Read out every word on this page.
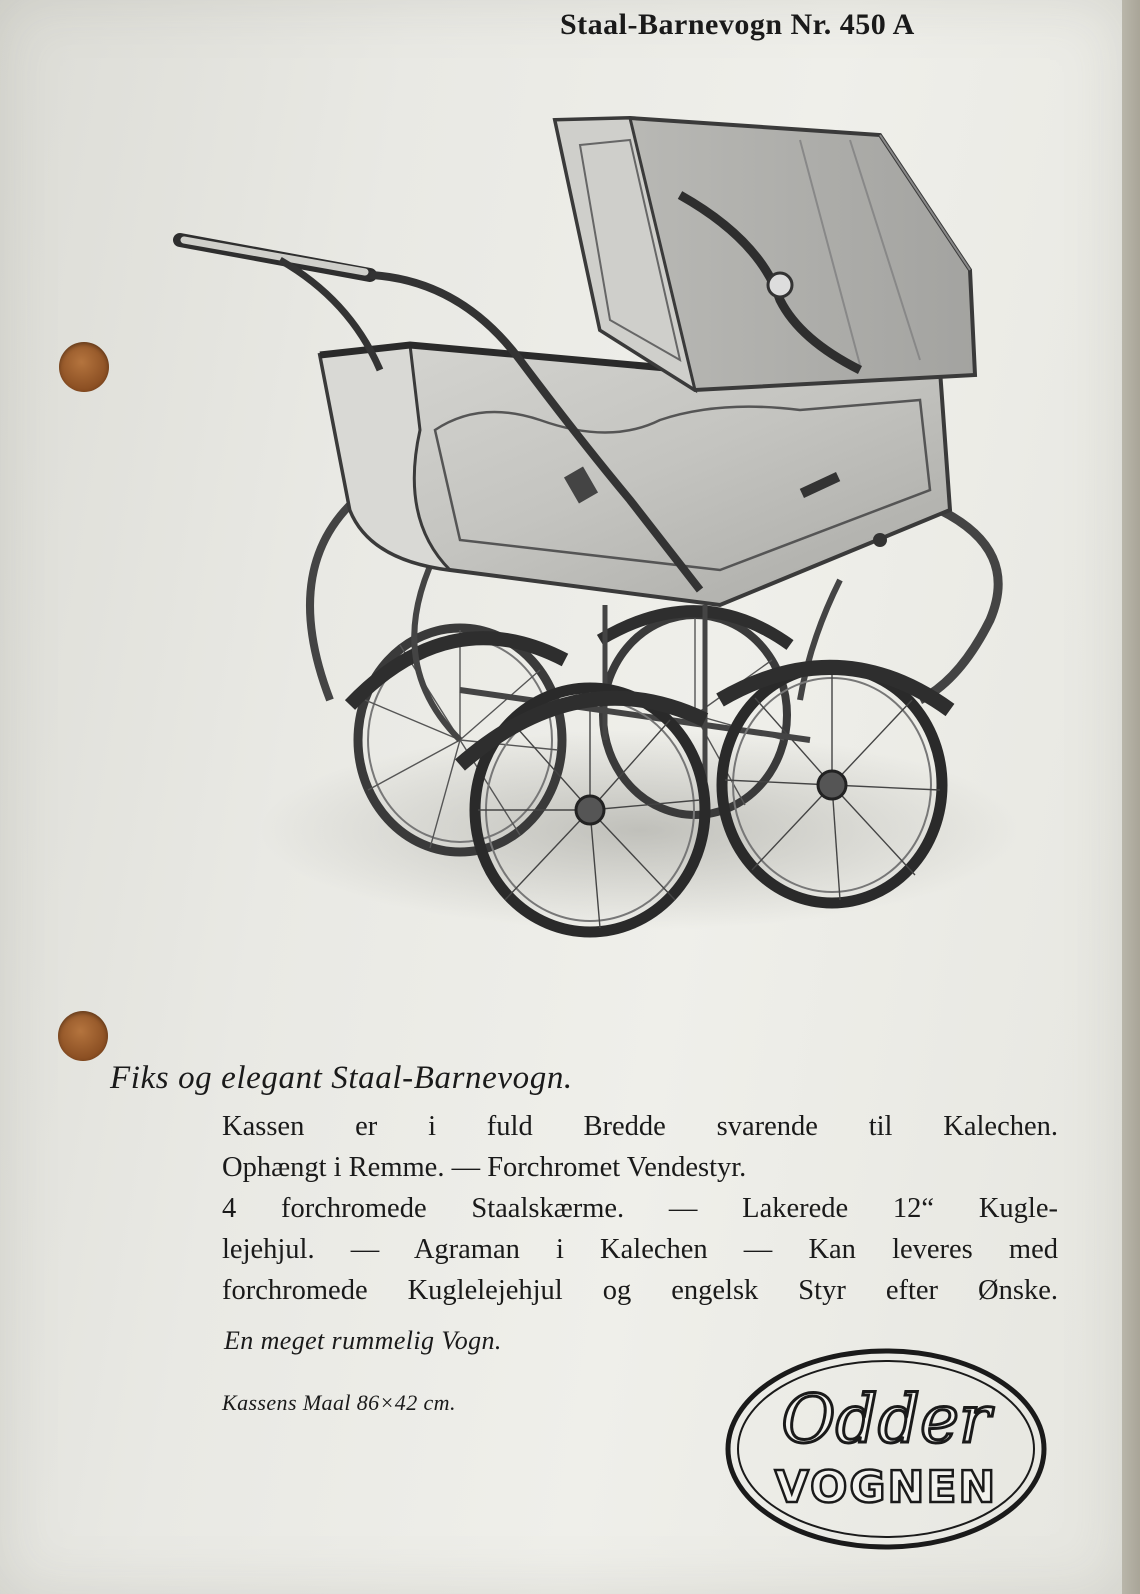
Staal-Barnevogn Nr. 450 A
Fiks og elegant Staal-Barnevogn.
Kassen er i fuld Bredde svarende til Kalechen.
Ophængt i Remme. — Forchromet Vendestyr.
4 forchromede Staalskærme. — Lakerede 12“ Kugle-
lejehjul. — Agraman i Kalechen — Kan leveres med
forchromede Kuglelejehjul og engelsk Styr efter Ønske.
En meget rummelig Vogn.
Kassens Maal 86×42 cm.	Odder
VOGNEN
